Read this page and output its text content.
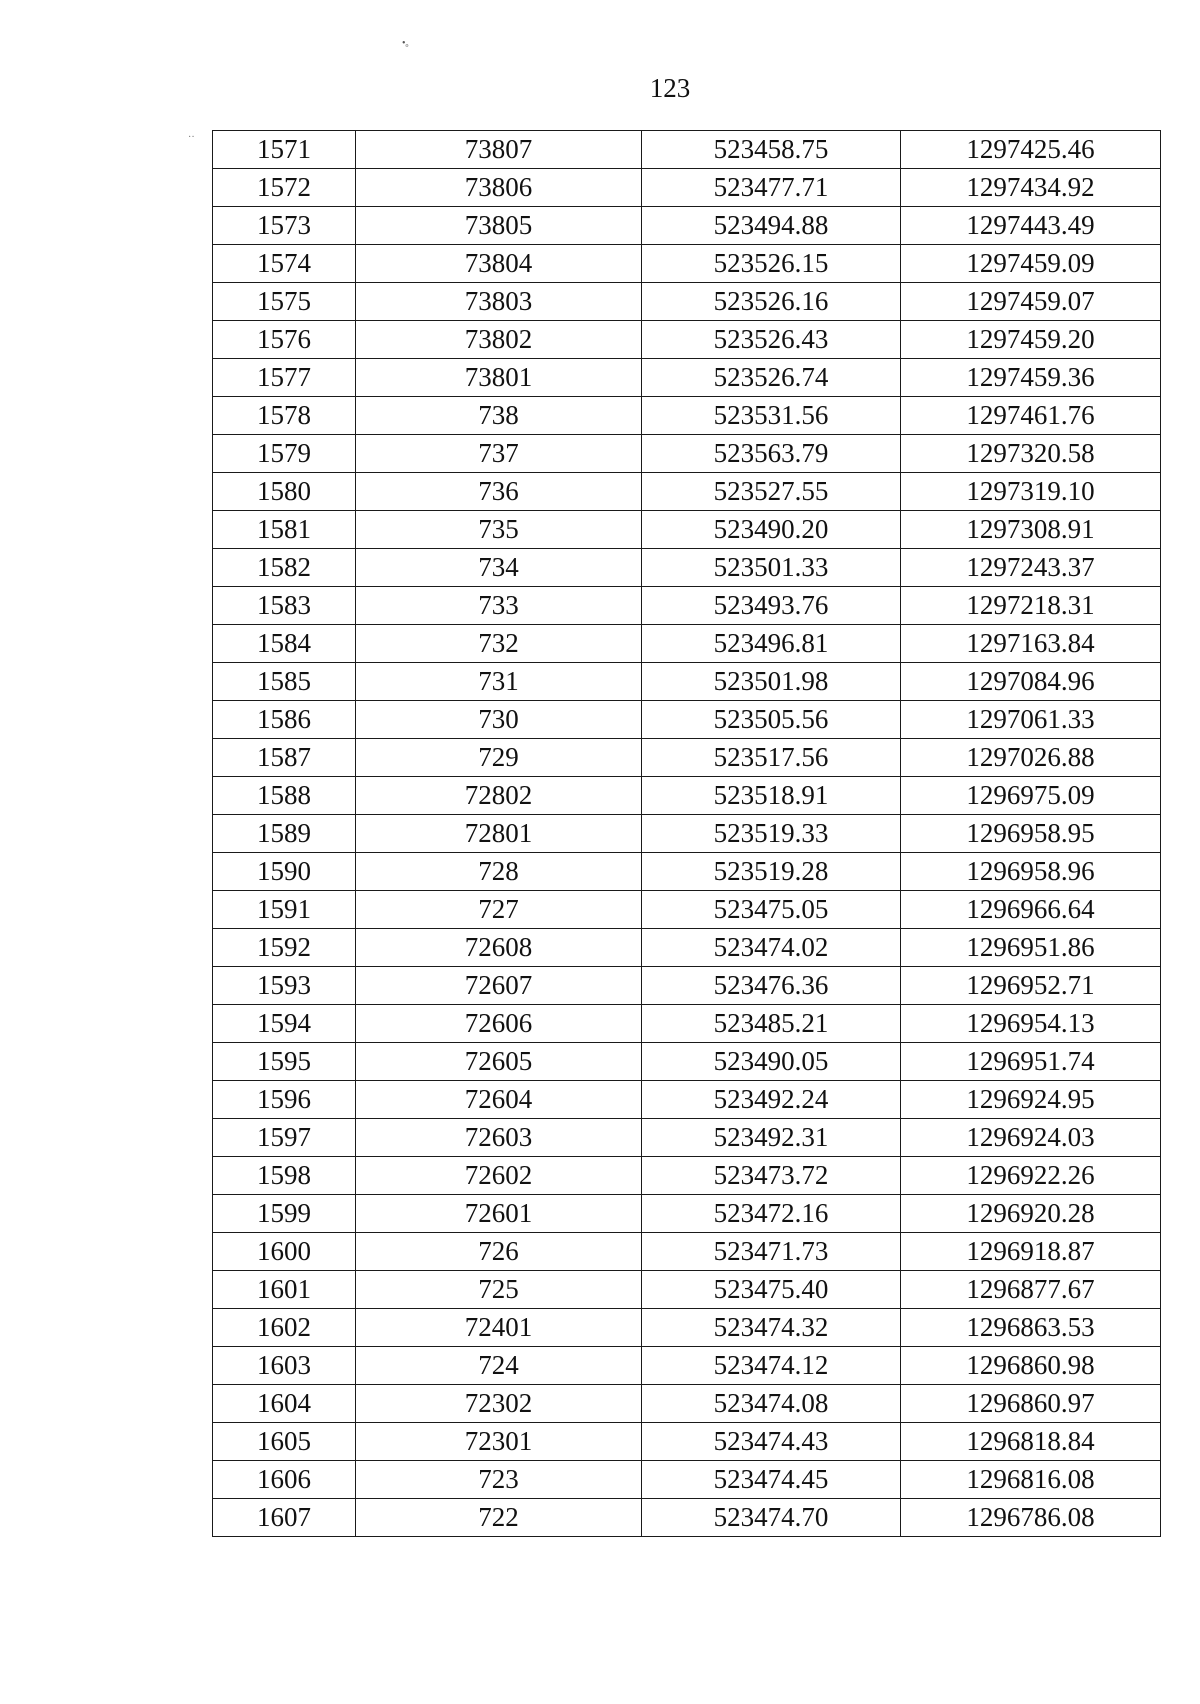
•ₒ
··
123
1571	73807	523458.75	1297425.46
1572	73806	523477.71	1297434.92
1573	73805	523494.88	1297443.49
1574	73804	523526.15	1297459.09
1575	73803	523526.16	1297459.07
1576	73802	523526.43	1297459.20
1577	73801	523526.74	1297459.36
1578	738	523531.56	1297461.76
1579	737	523563.79	1297320.58
1580	736	523527.55	1297319.10
1581	735	523490.20	1297308.91
1582	734	523501.33	1297243.37
1583	733	523493.76	1297218.31
1584	732	523496.81	1297163.84
1585	731	523501.98	1297084.96
1586	730	523505.56	1297061.33
1587	729	523517.56	1297026.88
1588	72802	523518.91	1296975.09
1589	72801	523519.33	1296958.95
1590	728	523519.28	1296958.96
1591	727	523475.05	1296966.64
1592	72608	523474.02	1296951.86
1593	72607	523476.36	1296952.71
1594	72606	523485.21	1296954.13
1595	72605	523490.05	1296951.74
1596	72604	523492.24	1296924.95
1597	72603	523492.31	1296924.03
1598	72602	523473.72	1296922.26
1599	72601	523472.16	1296920.28
1600	726	523471.73	1296918.87
1601	725	523475.40	1296877.67
1602	72401	523474.32	1296863.53
1603	724	523474.12	1296860.98
1604	72302	523474.08	1296860.97
1605	72301	523474.43	1296818.84
1606	723	523474.45	1296816.08
1607	722	523474.70	1296786.08
